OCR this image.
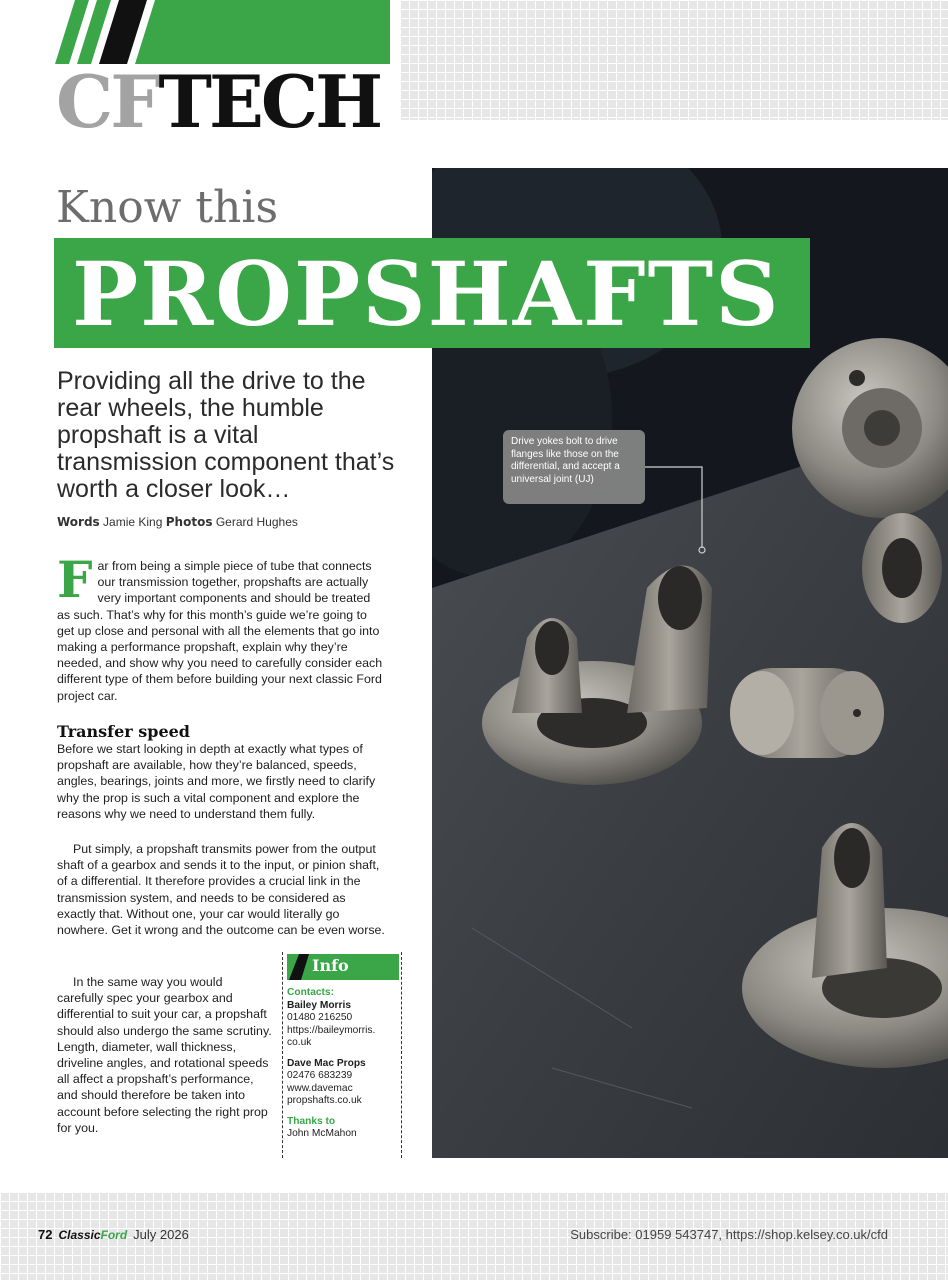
CFTECH
Know this
PROPSHAFTS
Providing all the drive to the rear wheels, the humble propshaft is a vital transmission component that’s worth a closer look…
Words Jamie King Photos Gerard Hughes
Far from being a simple piece of tube that connects our transmission together, propshafts are actually very important components and should be treated as such. That’s why for this month’s guide we’re going to get up close and personal with all the elements that go into making a performance propshaft, explain why they’re needed, and show why you need to carefully consider each different type of them before building your next classic Ford project car.
Transfer speed
Before we start looking in depth at exactly what types of propshaft are available, how they’re balanced, speeds, angles, bearings, joints and more, we firstly need to clarify why the prop is such a vital component and explore the reasons why we need to understand them fully.
Put simply, a propshaft transmits power from the output shaft of a gearbox and sends it to the input, or pinion shaft, of a differential. It therefore provides a crucial link in the transmission system, and needs to be considered as exactly that. Without one, your car would literally go nowhere. Get it wrong and the outcome can be even worse.
In the same way you would carefully spec your gearbox and differential to suit your car, a propshaft should also undergo the same scrutiny. Length, diameter, wall thickness, driveline angles, and rotational speeds all affect a propshaft’s performance, and should therefore be taken into account before selecting the right prop for you.
Info
Contacts:
Bailey Morris
01480 216250
https://baileymorris.
co.uk
Dave Mac Props
02476 683239
www.davemac
propshafts.co.uk
Thanks to
John McMahon
Drive yokes bolt to drive flanges like those on the differential, and accept a universal joint (UJ)
72 ClassicFord July 2026	Subscribe: 01959 543747, https://shop.kelsey.co.uk/cfd
